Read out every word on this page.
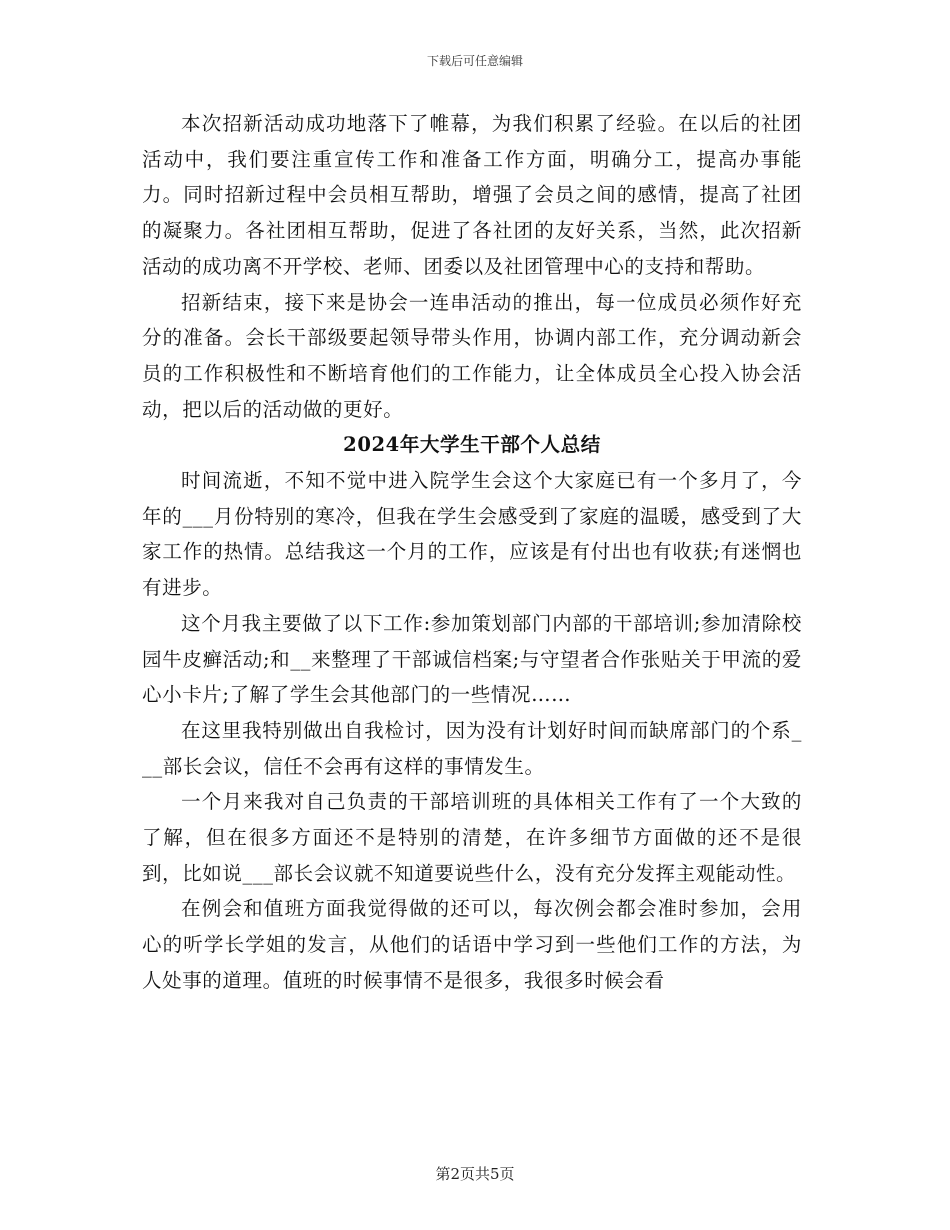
下载后可任意编辑

本次招新活动成功地落下了帷幕，为我们积累了经验。在以后的社团活动中，我们要注重宣传工作和准备工作方面，明确分工，提高办事能力。同时招新过程中会员相互帮助，增强了会员之间的感情，提高了社团的凝聚力。各社团相互帮助，促进了各社团的友好关系，当然，此次招新活动的成功离不开学校、老师、团委以及社团管理中心的支持和帮助。

招新结束，接下来是协会一连串活动的推出，每一位成员必须作好充分的准备。会长干部级要起领导带头作用，协调内部工作，充分调动新会员的工作积极性和不断培育他们的工作能力，让全体成员全心投入协会活动，把以后的活动做的更好。

2024年大学生干部个人总结

时间流逝，不知不觉中进入院学生会这个大家庭已有一个多月了，今年的___月份特别的寒冷，但我在学生会感受到了家庭的温暖，感受到了大家工作的热情。总结我这一个月的工作，应该是有付出也有收获;有迷惘也有进步。

这个月我主要做了以下工作:参加策划部门内部的干部培训;参加清除校园牛皮癣活动;和__来整理了干部诚信档案;与守望者合作张贴关于甲流的爱心小卡片;了解了学生会其他部门的一些情况……

在这里我特别做出自我检讨，因为没有计划好时间而缺席部门的个系___部长会议，信任不会再有这样的事情发生。

一个月来我对自己负责的干部培训班的具体相关工作有了一个大致的了解，但在很多方面还不是特别的清楚，在许多细节方面做的还不是很到，比如说___部长会议就不知道要说些什么，没有充分发挥主观能动性。

在例会和值班方面我觉得做的还可以，每次例会都会准时参加，会用心的听学长学姐的发言，从他们的话语中学习到一些他们工作的方法，为人处事的道理。值班的时候事情不是很多，我很多时候会看

第2页共5页
